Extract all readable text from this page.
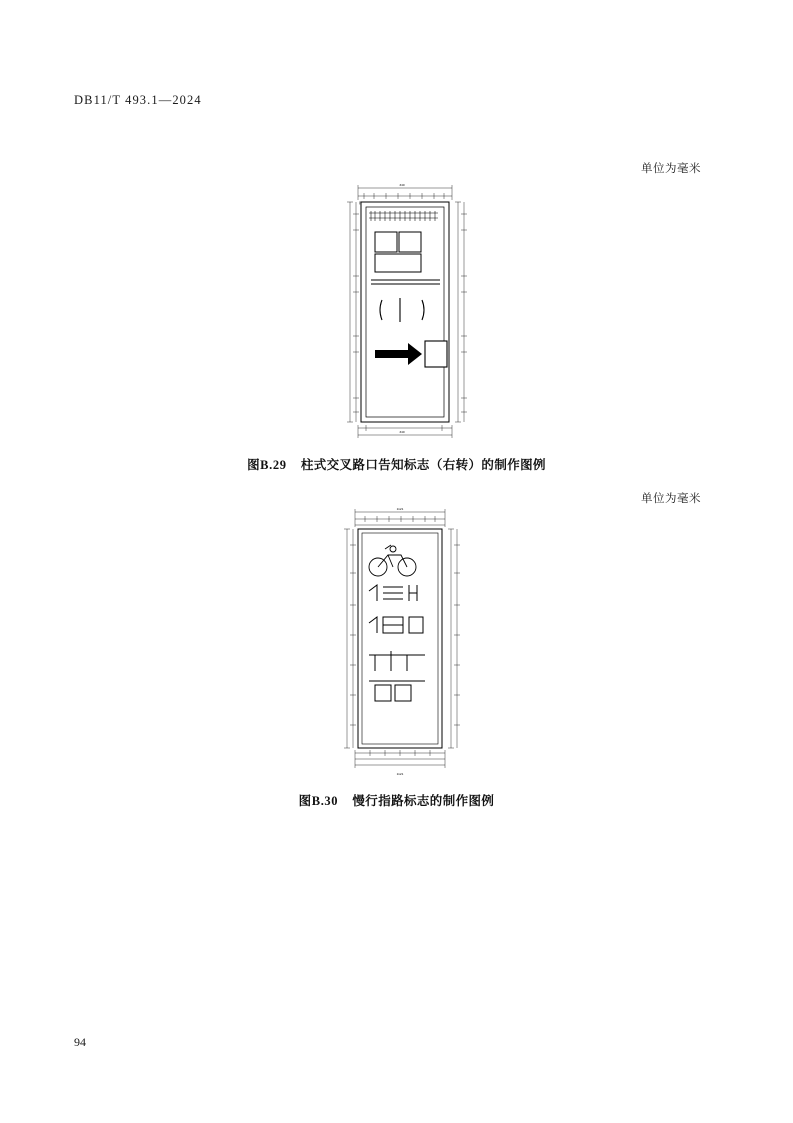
DB11/T 493.1—2024
单位为毫米
340
20
340
图B.29 柱式交叉路口告知标志（右转）的制作图例
单位为毫米
1121
1121
图B.30 慢行指路标志的制作图例
94
